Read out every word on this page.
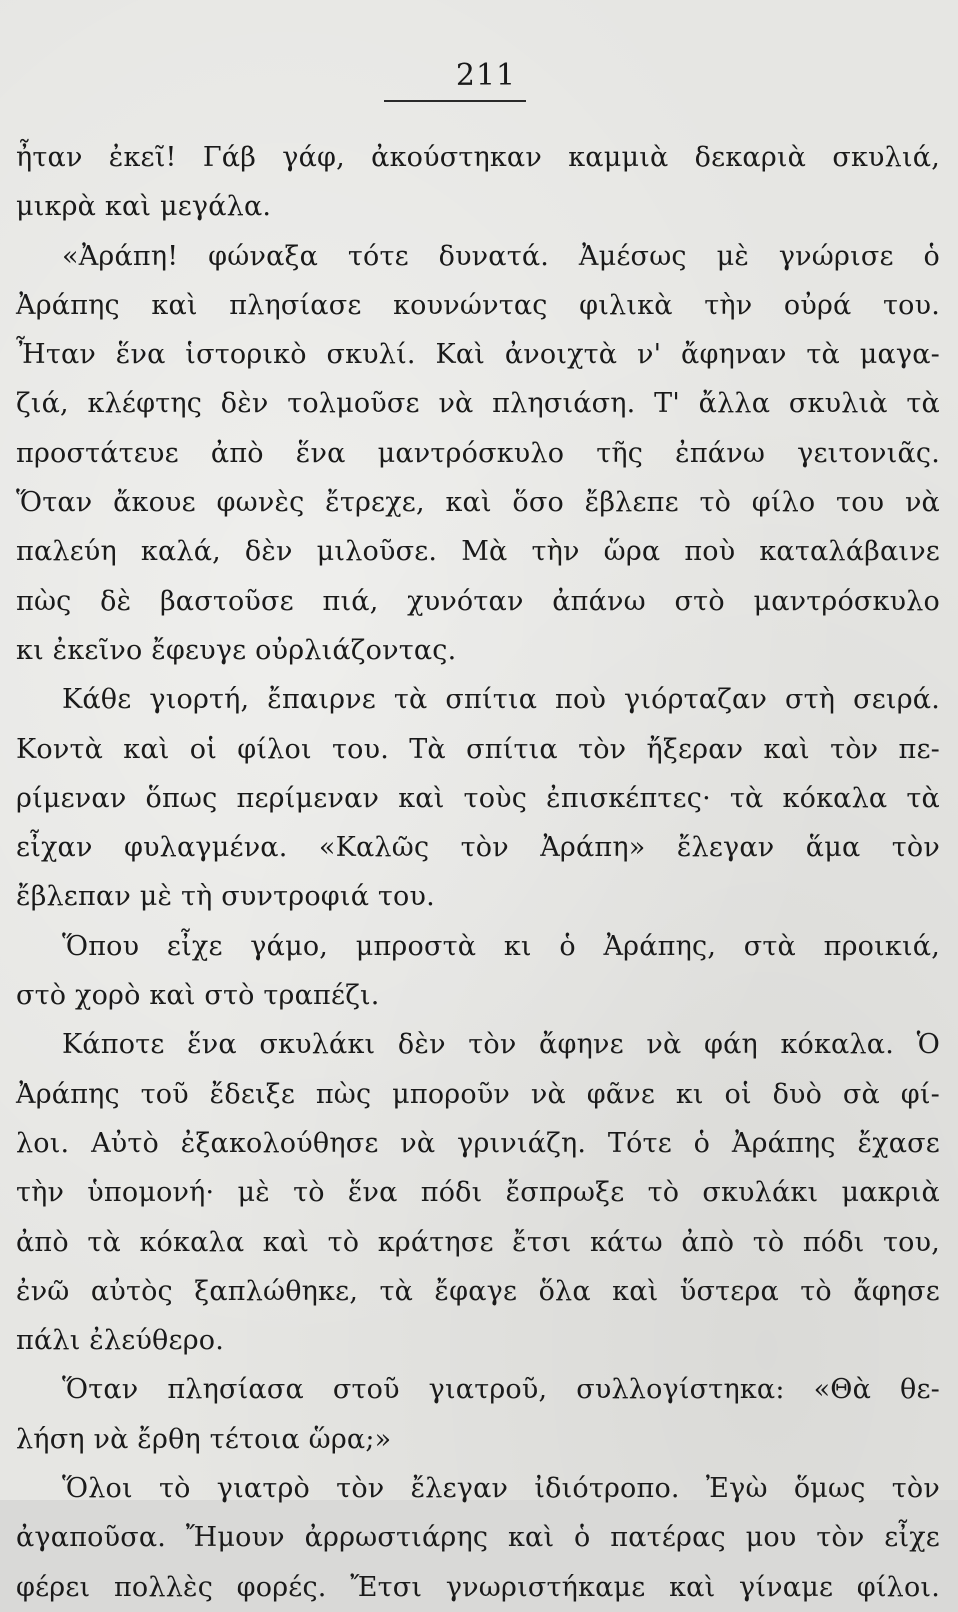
211
ἦταν ἐκεῖ! Γάβ γάφ, ἀκούστηκαν καμμιὰ δεκαριὰ σκυλιά,
μικρὰ καὶ μεγάλα.
«Ἀράπη! φώναξα τότε δυνατά. Ἀμέσως μὲ γνώρισε ὁ
Ἀράπης καὶ πλησίασε κουνώντας φιλικὰ τὴν οὐρά του.
Ἦταν ἕνα ἱστορικὸ σκυλί. Καὶ ἀνοιχτὰ ν' ἄφηναν τὰ μαγα-
ζιά, κλέφτης δὲν τολμοῦσε νὰ πλησιάση. Τ' ἄλλα σκυλιὰ τὰ
προστάτευε ἀπὸ ἕνα μαντρόσκυλο τῆς ἐπάνω γειτονιᾶς.
Ὅταν ἄκουε φωνὲς ἔτρεχε, καὶ ὅσο ἔβλεπε τὸ φίλο του νὰ
παλεύη καλά, δὲν μιλοῦσε. Μὰ τὴν ὥρα ποὺ καταλάβαινε
πὼς δὲ βαστοῦσε πιά, χυνόταν ἀπάνω στὸ μαντρόσκυλο
κι ἐκεῖνο ἔφευγε οὐρλιάζοντας.
Κάθε γιορτή, ἔπαιρνε τὰ σπίτια ποὺ γιόρταζαν στὴ σειρά.
Κοντὰ καὶ οἱ φίλοι του. Τὰ σπίτια τὸν ἤξεραν καὶ τὸν πε-
ρίμεναν ὅπως περίμεναν καὶ τοὺς ἐπισκέπτες· τὰ κόκαλα τὰ
εἶχαν φυλαγμένα. «Καλῶς τὸν Ἀράπη» ἔλεγαν ἅμα τὸν
ἔβλεπαν μὲ τὴ συντροφιά του.
Ὅπου εἶχε γάμο, μπροστὰ κι ὁ Ἀράπης, στὰ προικιά,
στὸ χορὸ καὶ στὸ τραπέζι.
Κάποτε ἕνα σκυλάκι δὲν τὸν ἄφηνε νὰ φάη κόκαλα. Ὁ
Ἀράπης τοῦ ἔδειξε πὼς μποροῦν νὰ φᾶνε κι οἱ δυὸ σὰ φί-
λοι. Αὐτὸ ἐξακολούθησε νὰ γρινιάζη. Τότε ὁ Ἀράπης ἔχασε
τὴν ὑπομονή· μὲ τὸ ἕνα πόδι ἔσπρωξε τὸ σκυλάκι μακριὰ
ἀπὸ τὰ κόκαλα καὶ τὸ κράτησε ἔτσι κάτω ἀπὸ τὸ πόδι του,
ἐνῶ αὐτὸς ξαπλώθηκε, τὰ ἔφαγε ὅλα καὶ ὕστερα τὸ ἄφησε
πάλι ἐλεύθερο.
Ὅταν πλησίασα στοῦ γιατροῦ, συλλογίστηκα: «Θὰ θε-
λήση νὰ ἔρθη τέτοια ὥρα;»
Ὅλοι τὸ γιατρὸ τὸν ἔλεγαν ἰδιότροπο. Ἐγὼ ὅμως τὸν
ἀγαποῦσα. Ἤμουν ἀρρωστιάρης καὶ ὁ πατέρας μου τὸν εἶχε
φέρει πολλὲς φορές. Ἔτσι γνωριστήκαμε καὶ γίναμε φίλοι.
